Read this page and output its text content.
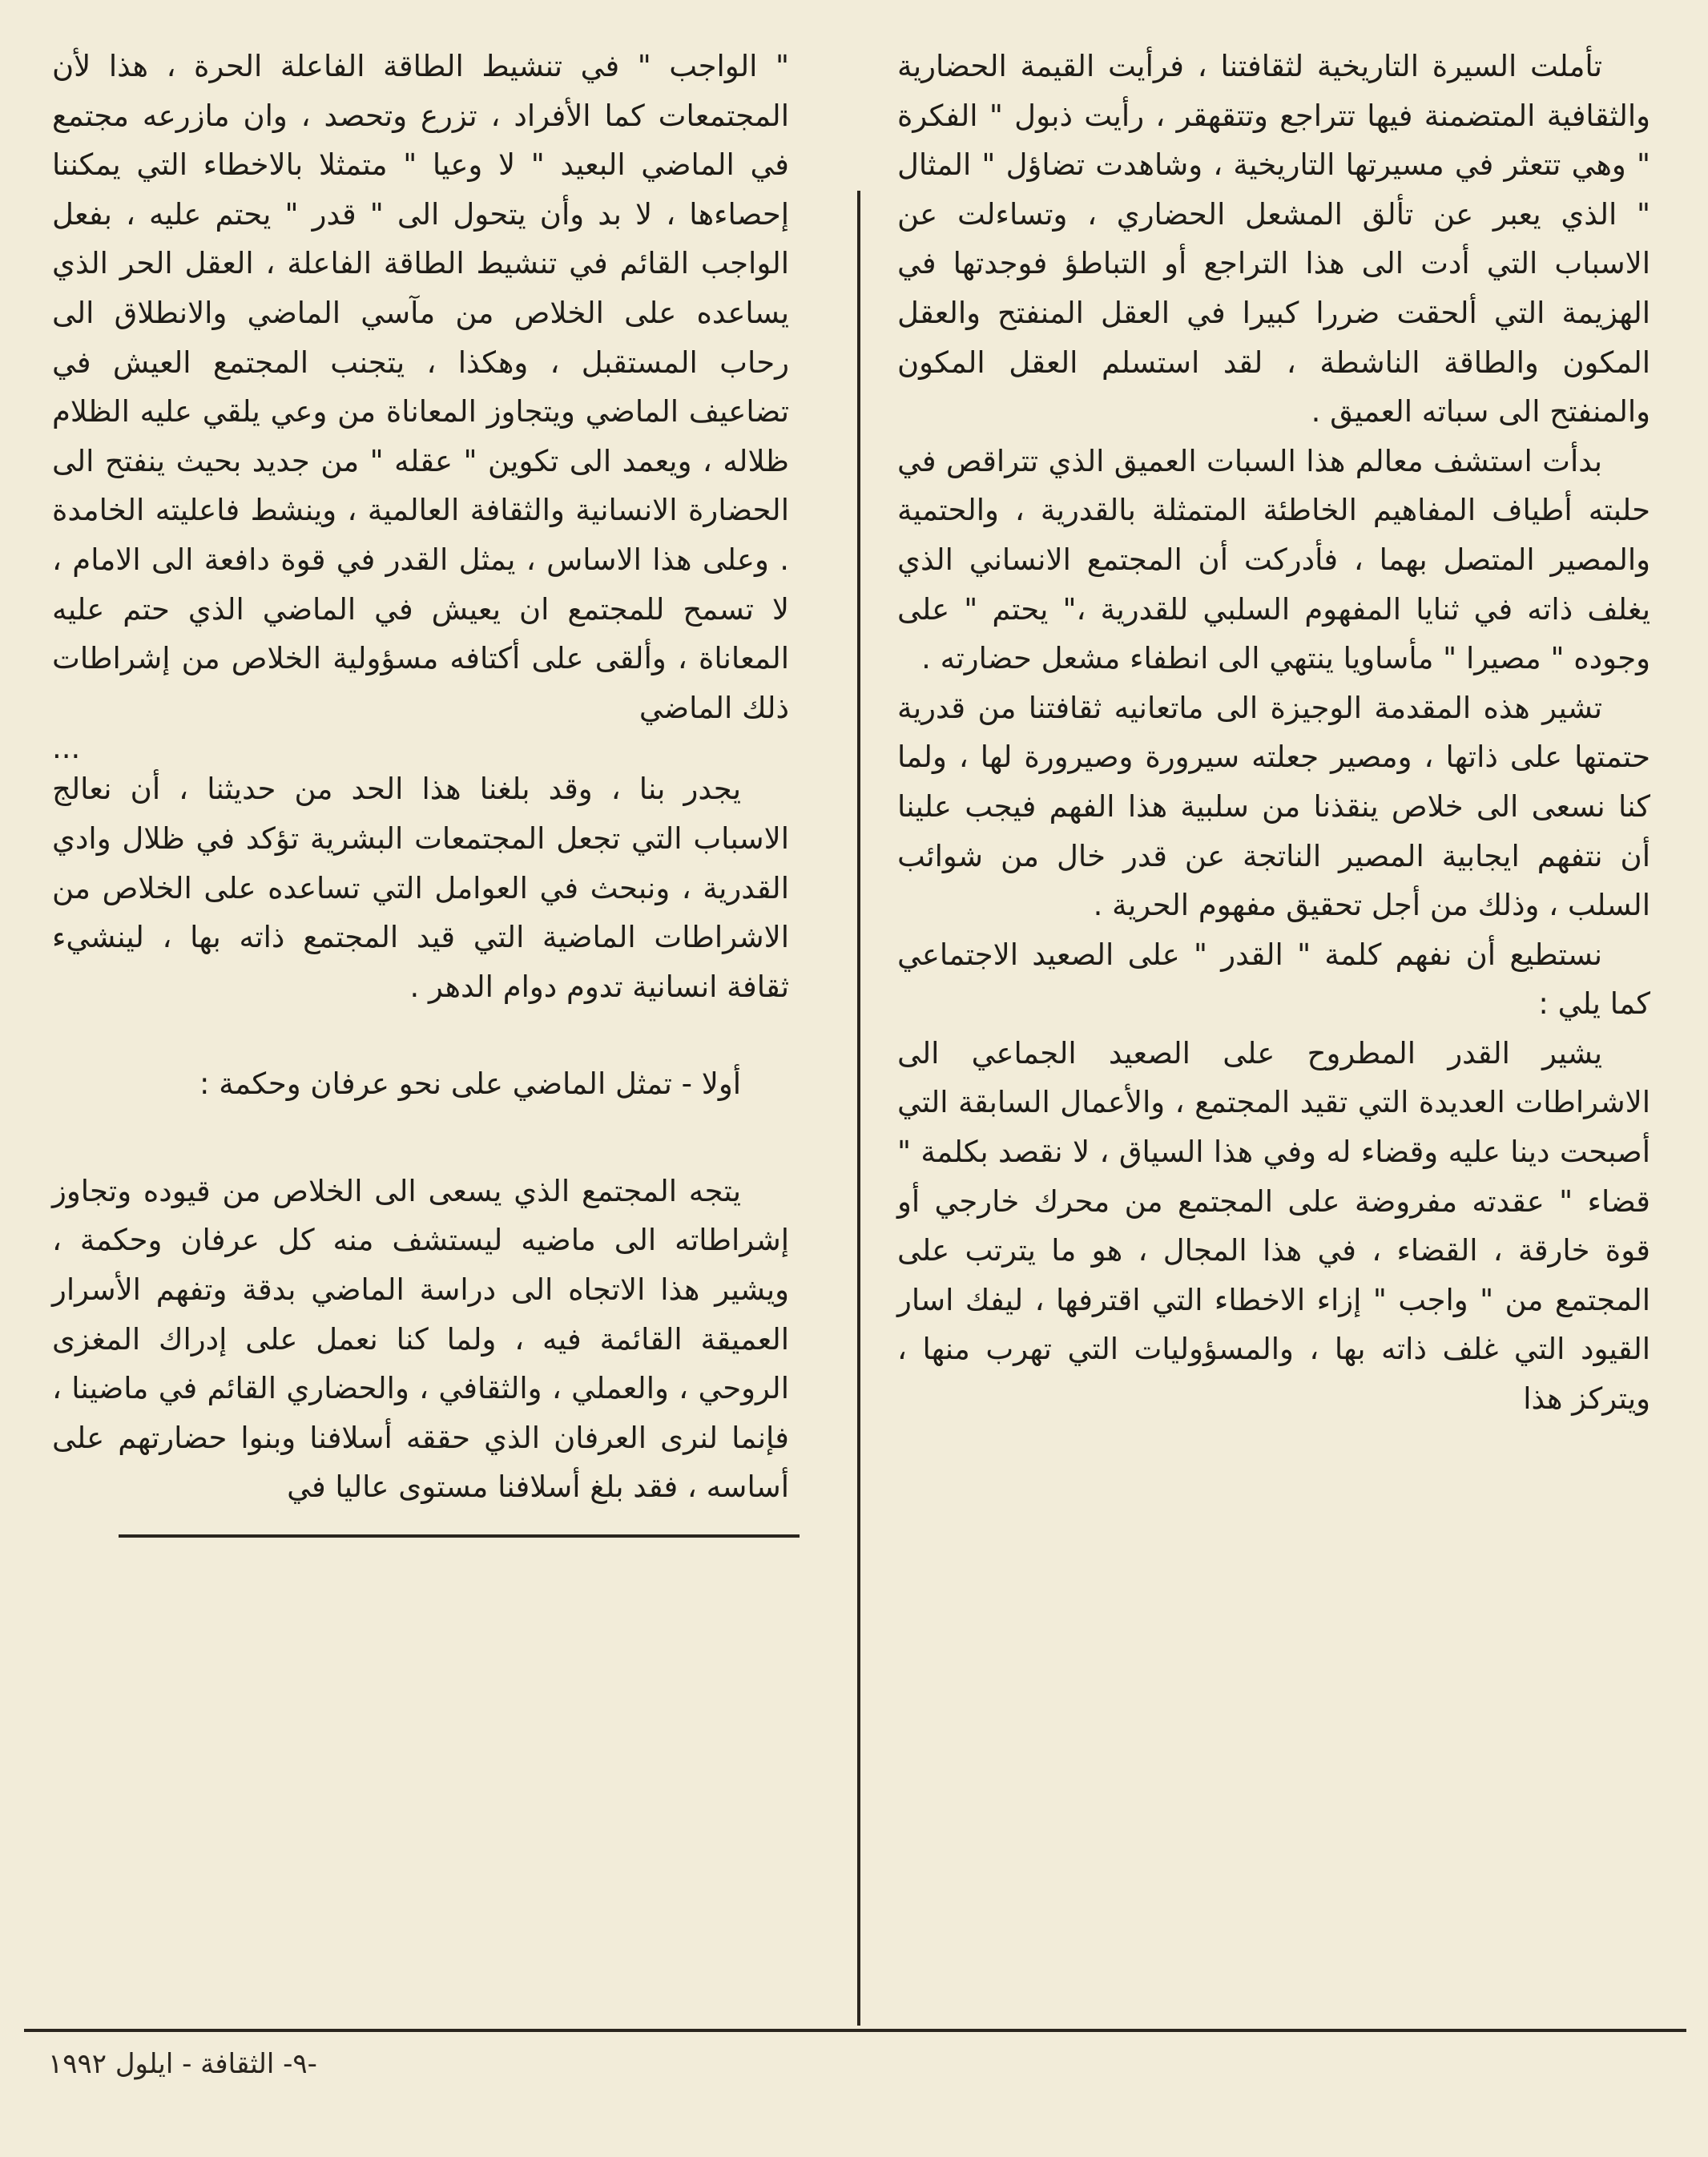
تأملت السيرة التاريخية لثقافتنا ، فرأيت القيمة الحضارية والثقافية المتضمنة فيها تتراجع وتتقهقر ، رأيت ذبول " الفكرة " وهي تتعثر في مسيرتها التاريخية ، وشاهدت تضاؤل " المثال " الذي يعبر عن تألق المشعل الحضاري ، وتساءلت عن الاسباب التي أدت الى هذا التراجع أو التباطؤ فوجدتها في الهزيمة التي ألحقت ضررا كبيرا في العقل المنفتح والعقل المكون والطاقة الناشطة ، لقد استسلم العقل المكون والمنفتح الى سباته العميق .

بدأت استشف معالم هذا السبات العميق الذي تتراقص في حلبته أطياف المفاهيم الخاطئة المتمثلة بالقدرية ، والحتمية والمصير المتصل بهما ، فأدركت أن المجتمع الانساني الذي يغلف ذاته في ثنايا المفهوم السلبي للقدرية ،" يحتم " على وجوده " مصيرا " مأساويا ينتهي الى انطفاء مشعل حضارته .

تشير هذه المقدمة الوجيزة الى ماتعانيه ثقافتنا من قدرية حتمتها على ذاتها ، ومصير جعلته سيرورة وصيرورة لها ، ولما كنا نسعى الى خلاص ينقذنا من سلبية هذا الفهم فيجب علينا أن نتفهم ايجابية المصير الناتجة عن قدر خال من شوائب السلب ، وذلك من أجل تحقيق مفهوم الحرية .

نستطيع أن نفهم كلمة " القدر " على الصعيد الاجتماعي كما يلي :

يشير القدر المطروح على الصعيد الجماعي الى الاشراطات العديدة التي تقيد المجتمع ، والأعمال السابقة التي أصبحت دينا عليه وقضاء له وفي هذا السياق ، لا نقصد بكلمة " قضاء " عقدته مفروضة على المجتمع من محرك خارجي أو قوة خارقة ، القضاء ، في هذا المجال ، هو ما يترتب على المجتمع من " واجب " إزاء الاخطاء التي اقترفها ، ليفك اسار القيود التي غلف ذاته بها ، والمسؤوليات التي تهرب منها ، ويتركز هذا

" الواجب " في تنشيط الطاقة الفاعلة الحرة ، هذا لأن المجتمعات كما الأفراد ، تزرع وتحصد ، وان مازرعه مجتمع في الماضي البعيد " لا وعيا " متمثلا بالاخطاء التي يمكننا إحصاءها ، لا بد وأن يتحول الى " قدر " يحتم عليه ، بفعل الواجب القائم في تنشيط الطاقة الفاعلة ، العقل الحر الذي يساعده على الخلاص من مآسي الماضي والانطلاق الى رحاب المستقبل ، وهكذا ، يتجنب المجتمع العيش في تضاعيف الماضي ويتجاوز المعاناة من وعي يلقي عليه الظلام ظلاله ، ويعمد الى تكوين " عقله " من جديد بحيث ينفتح الى الحضارة الانسانية والثقافة العالمية ، وينشط فاعليته الخامدة . وعلى هذا الاساس ، يمثل القدر في قوة دافعة الى الامام ، لا تسمح للمجتمع ان يعيش في الماضي الذي حتم عليه المعاناة ، وألقى على أكتافه مسؤولية الخلاص من إشراطات ذلك الماضي

...

يجدر بنا ، وقد بلغنا هذا الحد من حديثنا ، أن نعالج الاسباب التي تجعل المجتمعات البشرية تؤكد في ظلال وادي القدرية ، ونبحث في العوامل التي تساعده على الخلاص من الاشراطات الماضية التي قيد المجتمع ذاته بها ، لينشيء ثقافة انسانية تدوم دوام الدهر .

أولا - تمثل الماضي على نحو عرفان وحكمة :

يتجه المجتمع الذي يسعى الى الخلاص من قيوده وتجاوز إشراطاته الى ماضيه ليستشف منه كل عرفان وحكمة ، ويشير هذا الاتجاه الى دراسة الماضي بدقة وتفهم الأسرار العميقة القائمة فيه ، ولما كنا نعمل على إدراك المغزى الروحي ، والعملي ، والثقافي ، والحضاري القائم في ماضينا ، فإنما لنرى العرفان الذي حققه أسلافنا وبنوا حضارتهم على أساسه ، فقد بلغ أسلافنا مستوى عاليا في

-٩- الثقافة - ايلول ١٩٩٢
